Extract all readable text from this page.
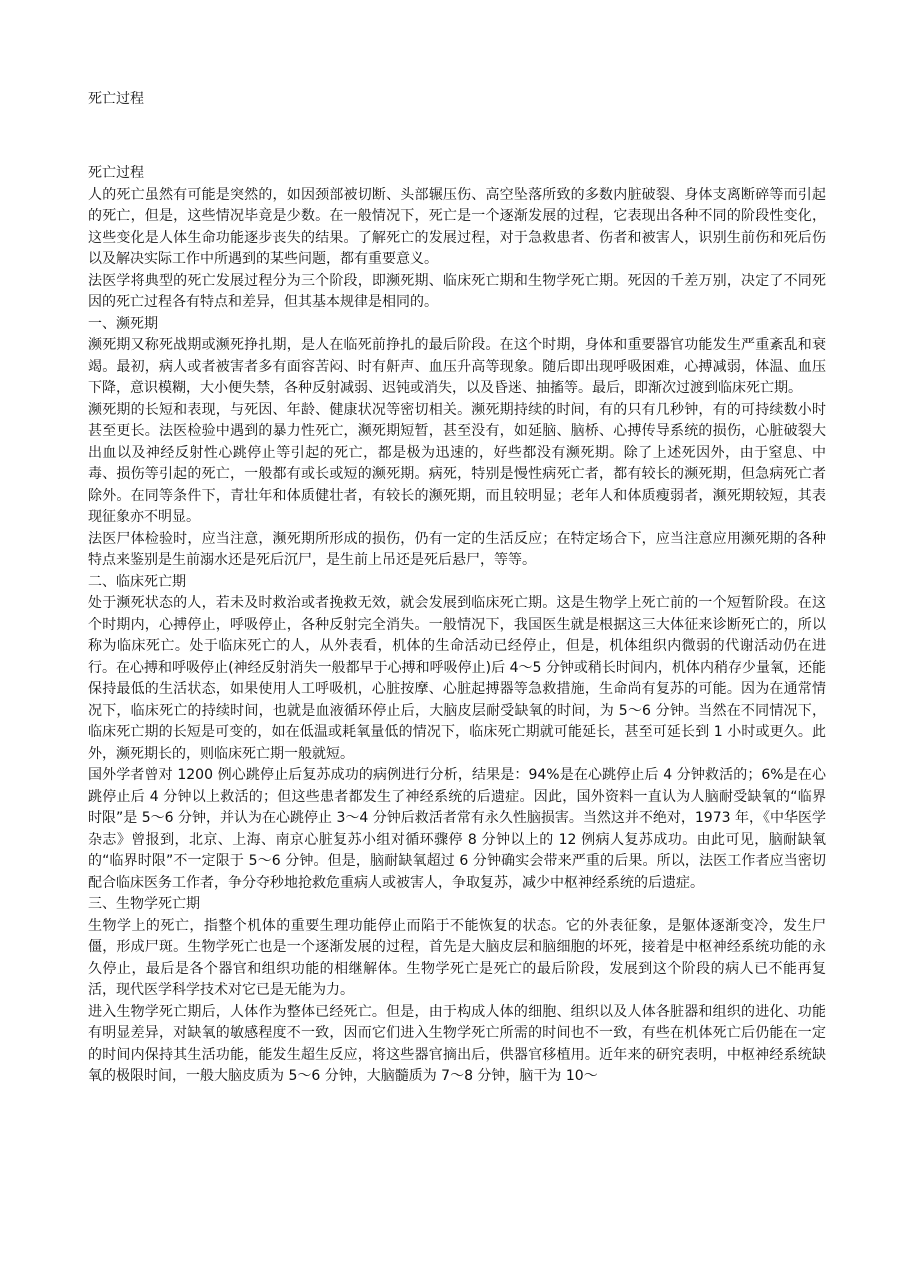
死亡过程

死亡过程

人的死亡虽然有可能是突然的，如因颈部被切断、头部辗压伤、高空坠落所致的多数内脏破裂、身体支离断碎等而引起的死亡，但是，这些情况毕竟是少数。在一般情况下，死亡是一个逐渐发展的过程，它表现出各种不同的阶段性变化，这些变化是人体生命功能逐步丧失的结果。了解死亡的发展过程，对于急救患者、伤者和被害人，识别生前伤和死后伤以及解决实际工作中所遇到的某些问题，都有重要意义。

法医学将典型的死亡发展过程分为三个阶段，即濒死期、临床死亡期和生物学死亡期。死因的千差万别，决定了不同死因的死亡过程各有特点和差异，但其基本规律是相同的。

一、濒死期

濒死期又称死战期或濒死挣扎期，是人在临死前挣扎的最后阶段。在这个时期，身体和重要器官功能发生严重紊乱和衰竭。最初，病人或者被害者多有面容苦闷、时有鼾声、血压升高等现象。随后即出现呼吸困难，心搏减弱，体温、血压下降，意识模糊，大小便失禁，各种反射减弱、迟钝或消失，以及昏迷、抽搐等。最后，即渐次过渡到临床死亡期。

濒死期的长短和表现，与死因、年龄、健康状况等密切相关。濒死期持续的时间，有的只有几秒钟，有的可持续数小时甚至更长。法医检验中遇到的暴力性死亡，濒死期短暂，甚至没有，如延脑、脑桥、心搏传导系统的损伤，心脏破裂大出血以及神经反射性心跳停止等引起的死亡，都是极为迅速的，好些都没有濒死期。除了上述死因外，由于窒息、中毒、损伤等引起的死亡，一般都有或长或短的濒死期。病死，特别是慢性病死亡者，都有较长的濒死期，但急病死亡者除外。在同等条件下，青壮年和体质健壮者，有较长的濒死期，而且较明显；老年人和体质瘦弱者，濒死期较短，其表现征象亦不明显。

法医尸体检验时，应当注意，濒死期所形成的损伤，仍有一定的生活反应；在特定场合下，应当注意应用濒死期的各种特点来鉴别是生前溺水还是死后沉尸，是生前上吊还是死后悬尸，等等。

二、临床死亡期

处于濒死状态的人，若未及时救治或者挽救无效，就会发展到临床死亡期。这是生物学上死亡前的一个短暂阶段。在这个时期内，心搏停止，呼吸停止，各种反射完全消失。一般情况下，我国医生就是根据这三大体征来诊断死亡的，所以称为临床死亡。处于临床死亡的人，从外表看，机体的生命活动已经停止，但是，机体组织内微弱的代谢活动仍在进行。在心搏和呼吸停止(神经反射消失一般都早于心搏和呼吸停止)后 4～5 分钟或稍长时间内，机体内稍存少量氧，还能保持最低的生活状态，如果使用人工呼吸机，心脏按摩、心脏起搏器等急救措施，生命尚有复苏的可能。因为在通常情况下，临床死亡的持续时间，也就是血液循环停止后，大脑皮层耐受缺氧的时间，为 5～6 分钟。当然在不同情况下，临床死亡期的长短是可变的，如在低温或耗氧量低的情况下，临床死亡期就可能延长，甚至可延长到 1 小时或更久。此外，濒死期长的，则临床死亡期一般就短。

国外学者曾对 1200 例心跳停止后复苏成功的病例进行分析，结果是：94%是在心跳停止后 4 分钟救活的；6%是在心跳停止后 4 分钟以上救活的；但这些患者都发生了神经系统的后遗症。因此，国外资料一直认为人脑耐受缺氧的“临界时限”是 5～6 分钟，并认为在心跳停止 3～4 分钟后救活者常有永久性脑损害。当然这并不绝对，1973 年，《中华医学杂志》曾报到，北京、上海、南京心脏复苏小组对循环骤停 8 分钟以上的 12 例病人复苏成功。由此可见，脑耐缺氧的“临界时限”不一定限于 5～6 分钟。但是，脑耐缺氧超过 6 分钟确实会带来严重的后果。所以，法医工作者应当密切配合临床医务工作者，争分夺秒地抢救危重病人或被害人，争取复苏，减少中枢神经系统的后遗症。

三、生物学死亡期

生物学上的死亡，指整个机体的重要生理功能停止而陷于不能恢复的状态。它的外表征象，是躯体逐渐变冷，发生尸僵，形成尸斑。生物学死亡也是一个逐渐发展的过程，首先是大脑皮层和脑细胞的坏死，接着是中枢神经系统功能的永久停止，最后是各个器官和组织功能的相继解体。生物学死亡是死亡的最后阶段，发展到这个阶段的病人已不能再复活，现代医学科学技术对它已是无能为力。

进入生物学死亡期后，人体作为整体已经死亡。但是，由于构成人体的细胞、组织以及人体各脏器和组织的进化、功能有明显差异，对缺氧的敏感程度不一致，因而它们进入生物学死亡所需的时间也不一致，有些在机体死亡后仍能在一定的时间内保持其生活功能，能发生超生反应，将这些器官摘出后，供器官移植用。近年来的研究表明，中枢神经系统缺氧的极限时间，一般大脑皮质为 5～6 分钟，大脑髓质为 7～8 分钟，脑干为 10～
